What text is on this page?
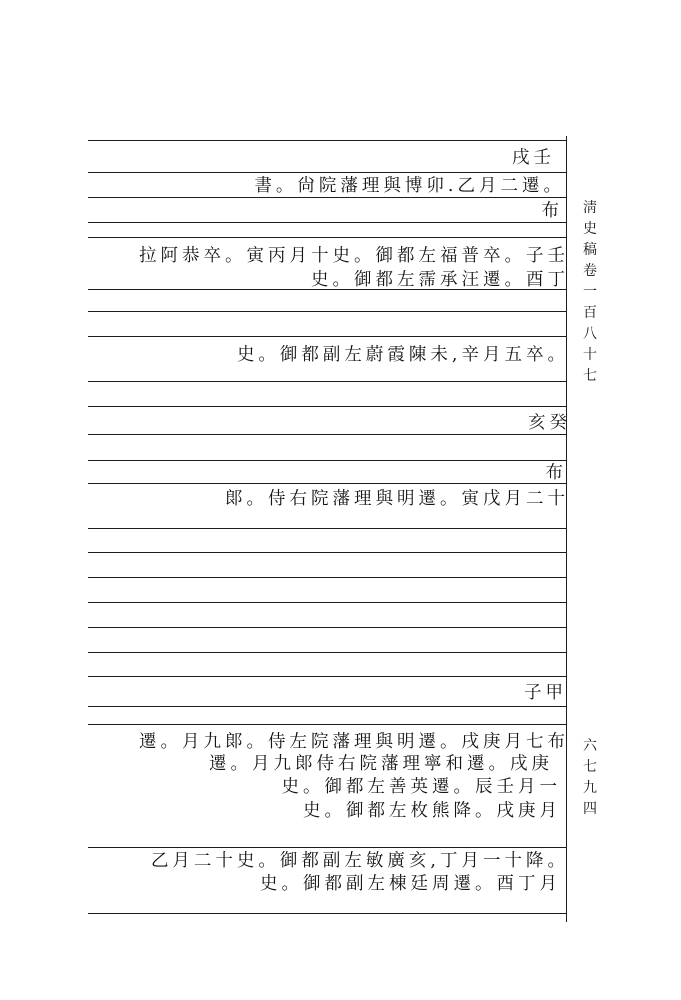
戌壬
書。尙院藩理與博卯.乙月二遷。
布
拉阿恭卒。寅丙月十史。御都左福普卒。子壬
史。御都左霈承汪遷。酉丁
史。御都副左蔚霞陳未,辛月五卒。
亥癸
布
郞。侍右院藩理與明遷。寅戊月二十
子甲
遷。月九郞。侍左院藩理與明遷。戌庚月七布
遷。月九郞侍右院藩理寧和遷。戌庚
史。御都左善英遷。辰壬月一
史。御都左枚熊降。戌庚月
乙月二十史。御都副左敏廣亥,丁月一十降。
史。御都副左棟廷周遷。酉丁月
淸
史
稿
卷
一
百
八
十
七
六
七
九
四
